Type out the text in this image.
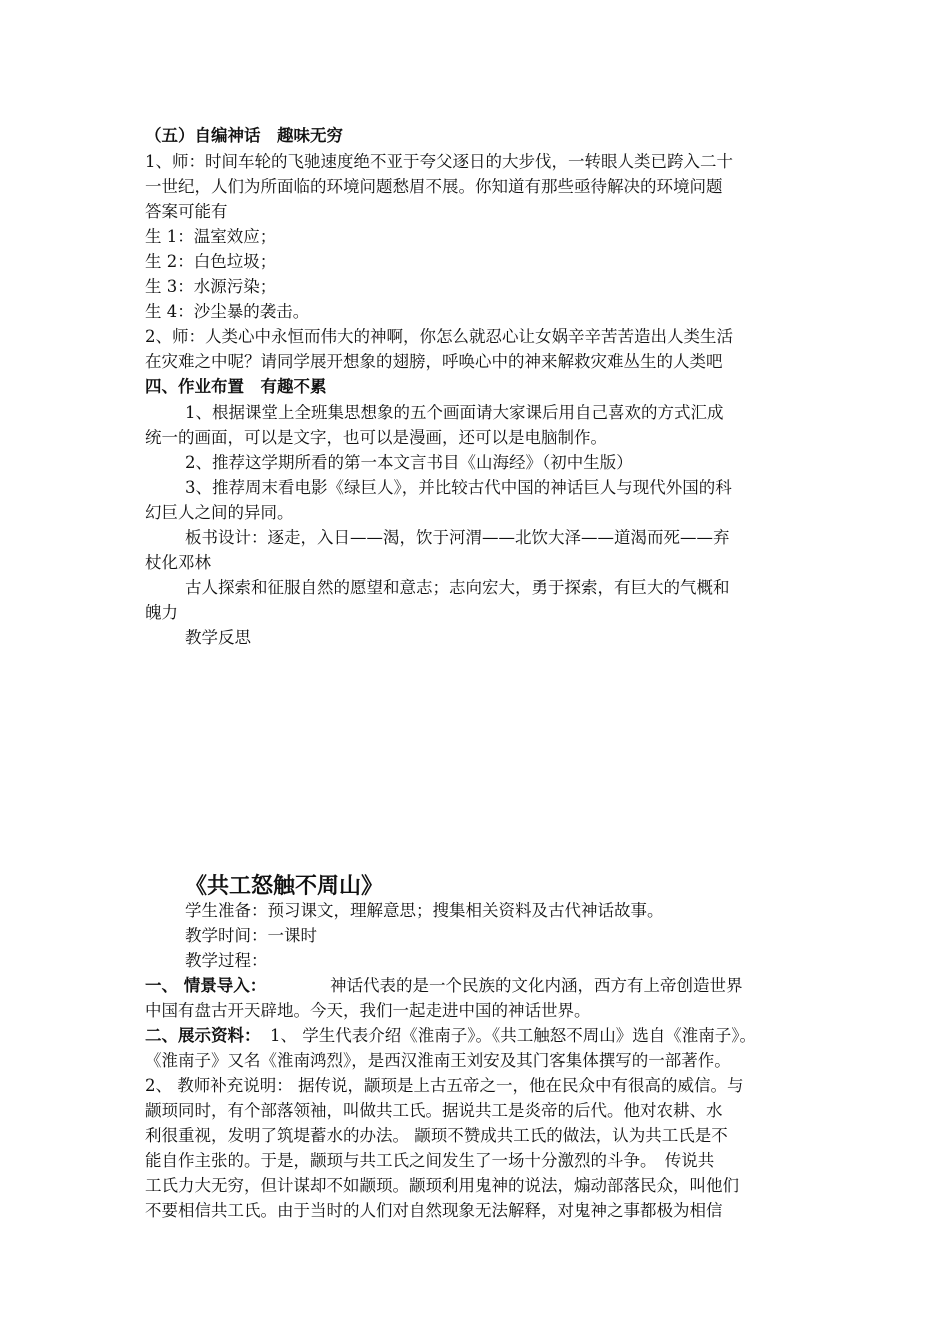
（五）自编神话　趣味无穷
1、师：时间车轮的飞驰速度绝不亚于夸父逐日的大步伐，一转眼人类已跨入二十
一世纪，人们为所面临的环境问题愁眉不展。你知道有那些亟待解决的环境问题
答案可能有
生 1：温室效应；
生 2：白色垃圾；
生 3：水源污染；
生 4：沙尘暴的袭击。
2、师：人类心中永恒而伟大的神啊，你怎么就忍心让女娲辛辛苦苦造出人类生活
在灾难之中呢？请同学展开想象的翅膀，呼唤心中的神来解救灾难丛生的人类吧
四、作业布置　有趣不累
1、根据课堂上全班集思想象的五个画面请大家课后用自己喜欢的方式汇成
统一的画面，可以是文字，也可以是漫画，还可以是电脑制作。
2、推荐这学期所看的第一本文言书目《山海经》（初中生版）
3、推荐周末看电影《绿巨人》，并比较古代中国的神话巨人与现代外国的科
幻巨人之间的异同。
板书设计：逐走，入日——渴，饮于河渭——北饮大泽——道渴而死——弃
杖化邓林
古人探索和征服自然的愿望和意志；志向宏大，勇于探索，有巨大的气概和
魄力
教学反思
《共工怒触不周山》
学生准备：预习课文，理解意思；搜集相关资料及古代神话故事。
教学时间：一课时
教学过程：
一、 情景导入：	神话代表的是一个民族的文化内涵，西方有上帝创造世界
中国有盘古开天辟地。今天，我们一起走进中国的神话世界。
二、展示资料： 1、 学生代表介绍《淮南子》。《共工触怒不周山》选自《淮南子》。
《淮南子》又名《淮南鸿烈》，是西汉淮南王刘安及其门客集体撰写的一部著作。
2、 教师补充说明： 据传说，颛顼是上古五帝之一，他在民众中有很高的威信。与
颛顼同时，有个部落领袖，叫做共工氏。据说共工是炎帝的后代。他对农耕、水
利很重视，发明了筑堤蓄水的办法。 颛顼不赞成共工氏的做法，认为共工氏是不
能自作主张的。于是，颛顼与共工氏之间发生了一场十分激烈的斗争。　传说共
工氏力大无穷，但计谋却不如颛顼。颛顼利用鬼神的说法，煽动部落民众，叫他们
不要相信共工氏。由于当时的人们对自然现象无法解释，对鬼神之事都极为相信
